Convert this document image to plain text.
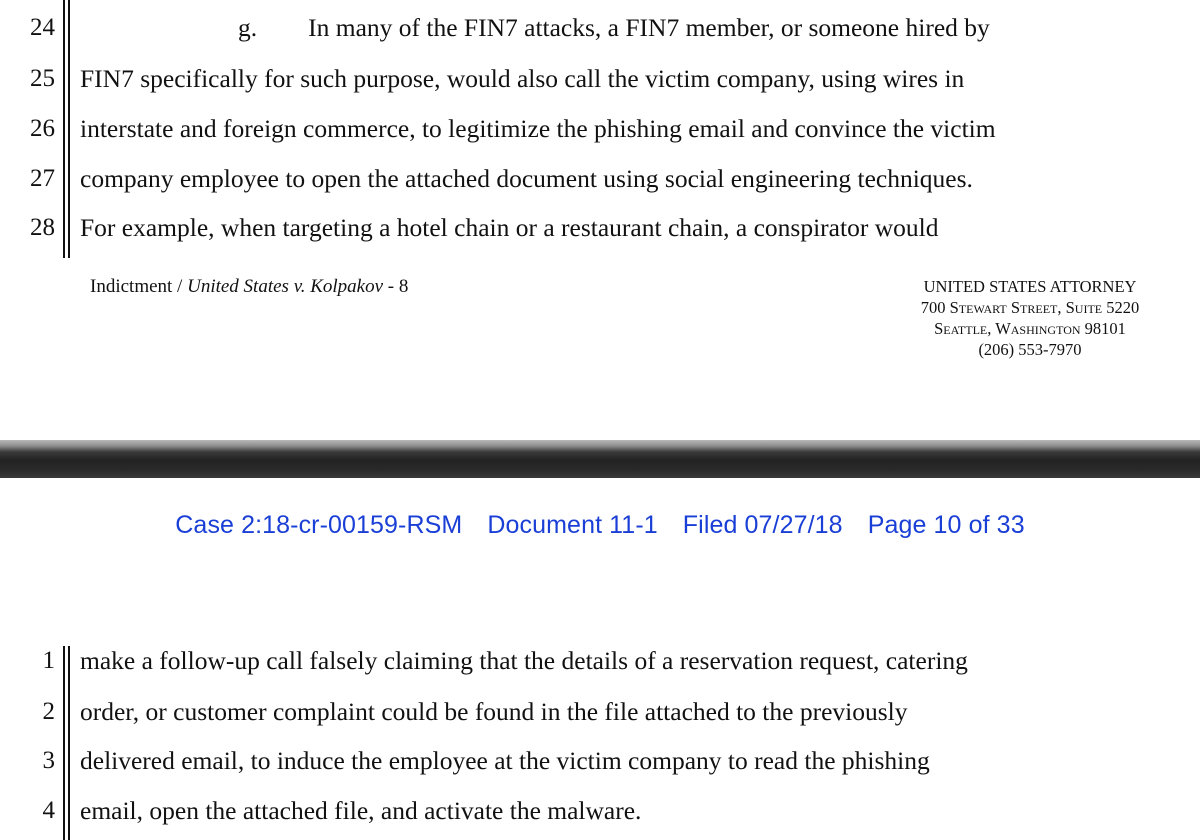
24	g.        In many of the FIN7 attacks, a FIN7 member, or someone hired by
25 FIN7 specifically for such purpose, would also call the victim company, using wires in
26 interstate and foreign commerce, to legitimize the phishing email and convince the victim
27 company employee to open the attached document using social engineering techniques.
28 For example, when targeting a hotel chain or a restaurant chain, a conspirator would
Indictment / United States v. Kolpakov - 8	UNITED STATES ATTORNEY
700 Stewart Street, Suite 5220
Seattle, Washington 98101
(206) 553-7970
Case 2:18-cr-00159-RSM Document 11-1 Filed 07/27/18 Page 10 of 33
1 make a follow-up call falsely claiming that the details of a reservation request, catering
2 order, or customer complaint could be found in the file attached to the previously
3 delivered email, to induce the employee at the victim company to read the phishing
4 email, open the attached file, and activate the malware.
